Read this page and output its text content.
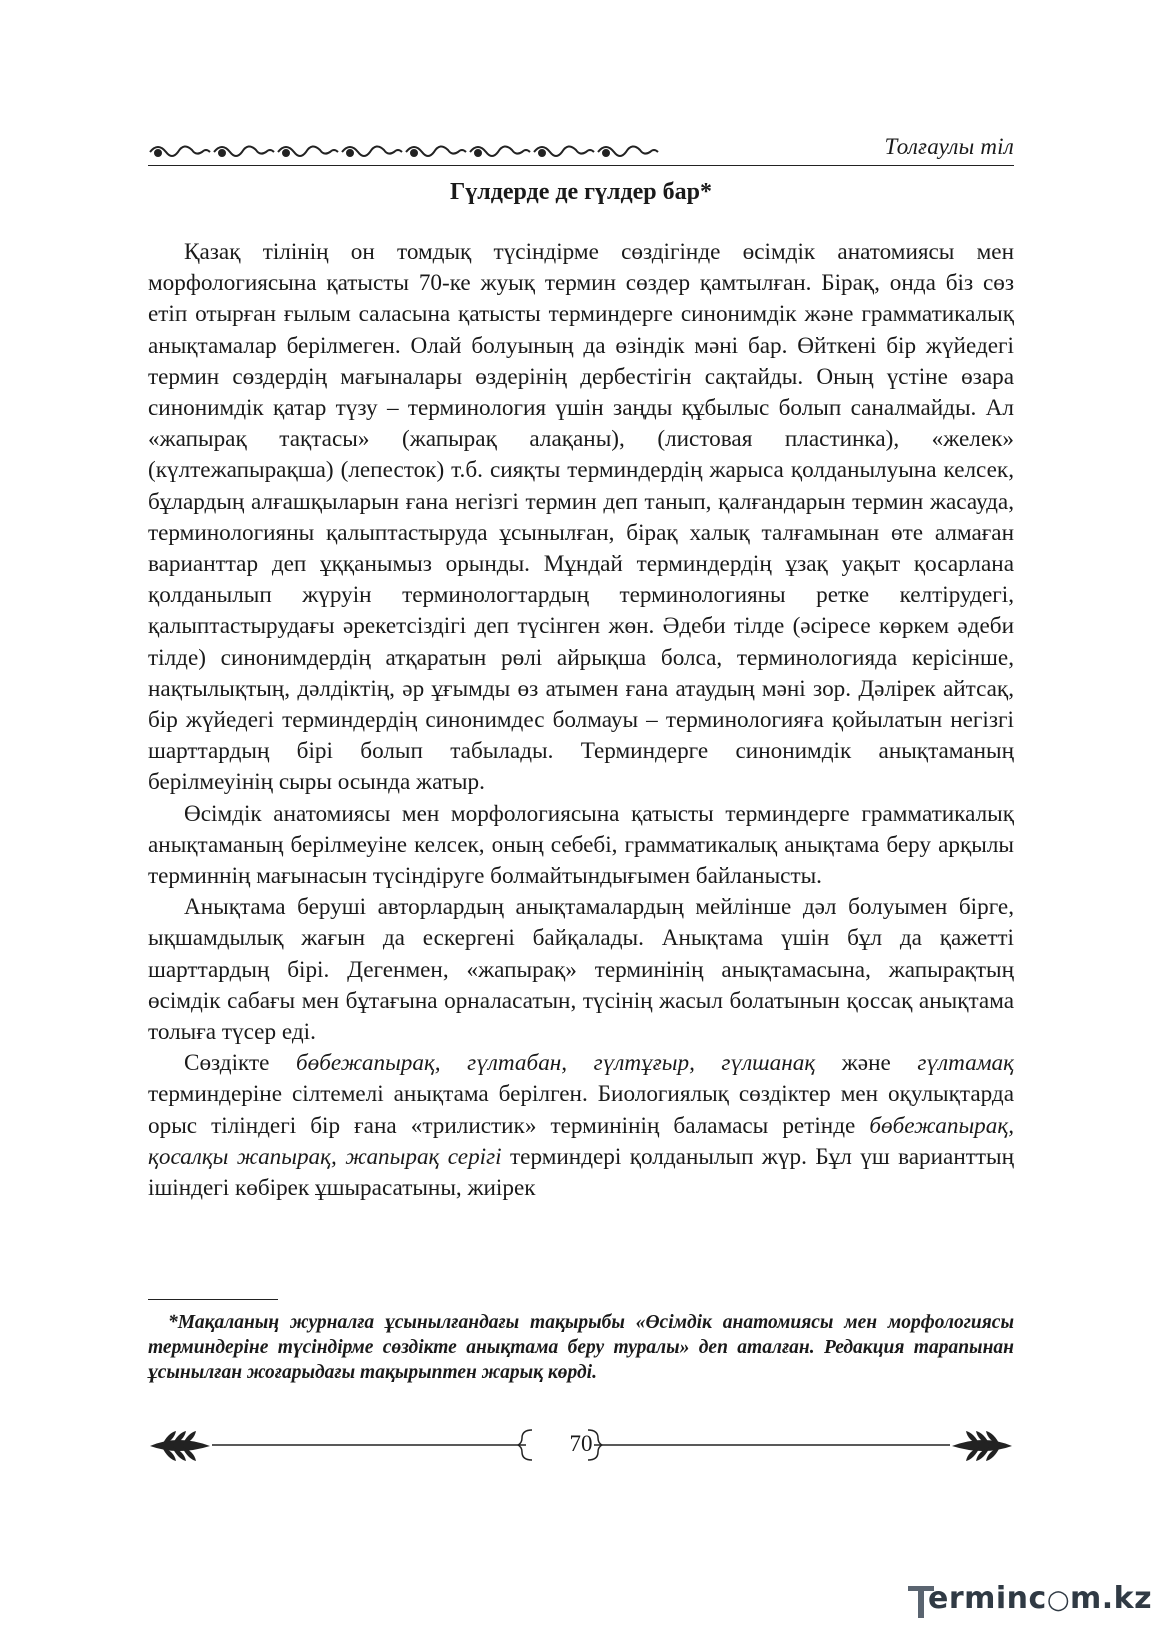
Толғаулы тіл
Гүлдерде де гүлдер бар*

Қазақ тілінің он томдық түсіндірме сөздігінде өсімдік анатомиясы мен морфологиясына қатысты 70-ке жуық термин сөздер қамтылған. Бірақ, онда біз сөз етіп отырған ғылым саласына қатысты терминдерге синонимдік және грамматикалық анықтамалар берілмеген. Олай болуының да өзіндік мәні бар. Өйткені бір жүйедегі термин сөздердің мағыналары өздерінің дербестігін сақтайды. Оның үстіне өзара синонимдік қатар түзу – терминология үшін заңды құбылыс болып саналмайды. Ал «жапырақ тақтасы» (жапырақ алақаны), (листовая пластинка), «желек» (күлтежапырақша) (лепесток) т.б. сияқты терминдердің жарыса қолданылуына келсек, бұлардың алғашқыларын ғана негізгі термин деп танып, қалғандарын термин жасауда, терминологияны қалыптастыруда ұсынылған, бірақ халық талғамынан өте алмаған варианттар деп ұққанымыз орынды. Мұндай терминдердің ұзақ уақыт қосарлана қолданылып жүруін терминологтардың терминологияны ретке келтірудегі, қалыптастырудағы әрекетсіздігі деп түсінген жөн. Әдеби тілде (әсіресе көркем әдеби тілде) синонимдердің атқаратын рөлі айрықша болса, терминологияда керісінше, нақтылықтың, дәлдіктің, әр ұғымды өз атымен ғана атаудың мәні зор. Дәлірек айтсақ, бір жүйедегі терминдердің синонимдес болмауы – терминологияға қойылатын негізгі шарттардың бірі болып табылады. Терминдерге синонимдік анықтаманың берілмеуінің сыры осында жатыр.

Өсімдік анатомиясы мен морфологиясына қатысты терминдерге грамматикалық анықтаманың берілмеуіне келсек, оның себебі, грамматикалық анықтама беру арқылы терминнің мағынасын түсіндіруге болмайтындығымен байланысты.

Анықтама беруші авторлардың анықтамалардың мейлінше дәл болуымен бірге, ықшамдылық жағын да ескергені байқалады. Анықтама үшін бұл да қажетті шарттардың бірі. Дегенмен, «жапырақ» терминінің анықтамасына, жапырақтың өсімдік сабағы мен бұтағына орналасатын, түсінің жасыл болатынын қоссақ анықтама толыға түсер еді.

Сөздікте бөбежапырақ, гүлтабан, гүлтұғыр, гүлшанақ және гүлтамақ терминдеріне сілтемелі анықтама берілген. Биологиялық сөздіктер мен оқулықтарда орыс тіліндегі бір ғана «трилистик» терминінің баламасы ретінде бөбежапырақ, қосалқы жапырақ, жапырақ серігі терминдері қолданылып жүр. Бұл үш варианттың ішіндегі көбірек ұшырасатыны, жиірек

*Мақаланың журналға ұсынылғандағы тақырыбы «Өсімдік анатомиясы мен морфологиясы терминдеріне түсіндірме сөздікте анықтама беру туралы» деп аталған. Редакция тарапынан ұсынылған жоғарыдағы тақырыптен жарық көрді.

70
erminc○m.kz
